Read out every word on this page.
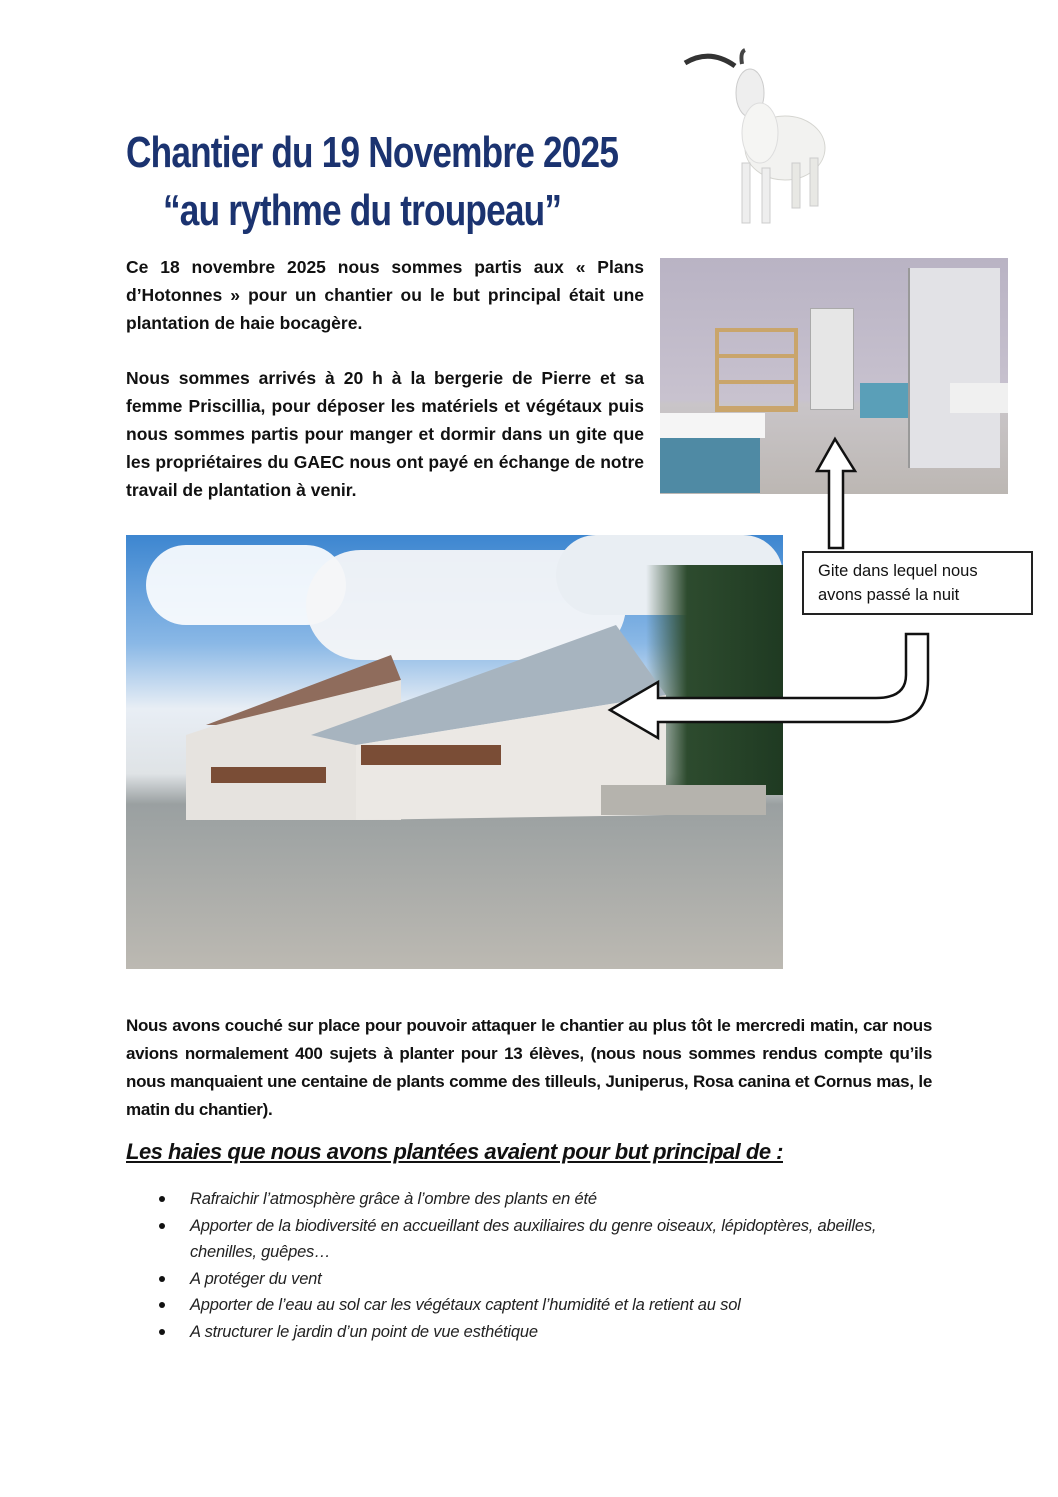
Chantier du 19 Novembre 2025
“au rythme du troupeau”

Ce 18 novembre 2025 nous sommes partis aux « Plans d’Hotonnes » pour un chantier ou le but principal était une plantation de haie bocagère.

Nous sommes arrivés à 20 h à la bergerie de Pierre et sa femme Priscillia, pour déposer les matériels et végétaux puis nous sommes partis pour manger et dormir dans un gite que les propriétaires du GAEC nous ont payé en échange de notre travail de plantation à venir.

Gite dans lequel nous avons passé la nuit

Nous avons couché sur place pour pouvoir attaquer le chantier au plus tôt le mercredi matin, car nous avions normalement 400 sujets à planter pour 13 élèves, (nous nous sommes rendus compte qu’ils nous manquaient une centaine de plants comme des tilleuls, Juniperus, Rosa canina et Cornus mas, le matin du chantier).

Les haies que nous avons plantées avaient pour but principal de :
Rafraichir l’atmosphère grâce à l’ombre des plants en été
Apporter de la biodiversité en accueillant des auxiliaires du genre oiseaux, lépidoptères, abeilles, chenilles, guêpes…
A protéger du vent
Apporter de l’eau au sol car les végétaux captent l’humidité et la retient au sol
A structurer le jardin d’un point de vue esthétique
